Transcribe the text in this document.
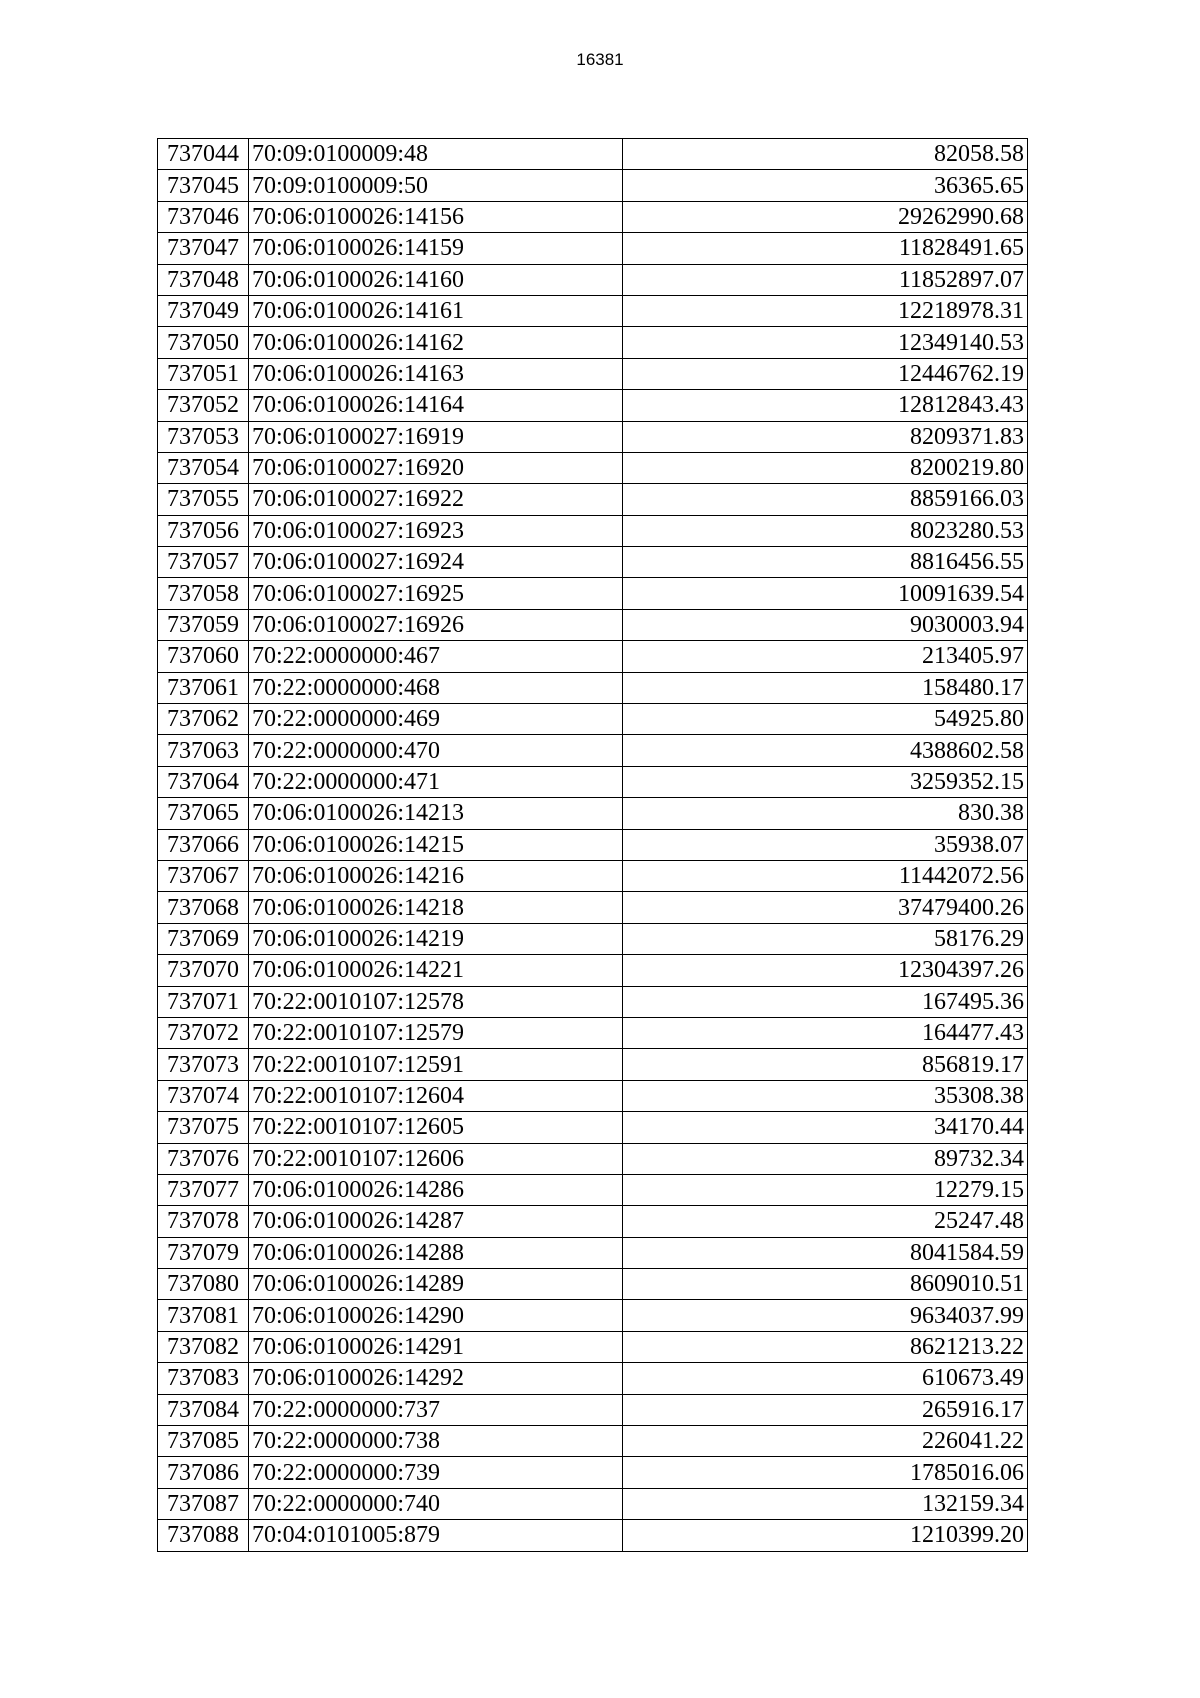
16381
737044	70:09:0100009:48	82058.58
737045	70:09:0100009:50	36365.65
737046	70:06:0100026:14156	29262990.68
737047	70:06:0100026:14159	11828491.65
737048	70:06:0100026:14160	11852897.07
737049	70:06:0100026:14161	12218978.31
737050	70:06:0100026:14162	12349140.53
737051	70:06:0100026:14163	12446762.19
737052	70:06:0100026:14164	12812843.43
737053	70:06:0100027:16919	8209371.83
737054	70:06:0100027:16920	8200219.80
737055	70:06:0100027:16922	8859166.03
737056	70:06:0100027:16923	8023280.53
737057	70:06:0100027:16924	8816456.55
737058	70:06:0100027:16925	10091639.54
737059	70:06:0100027:16926	9030003.94
737060	70:22:0000000:467	213405.97
737061	70:22:0000000:468	158480.17
737062	70:22:0000000:469	54925.80
737063	70:22:0000000:470	4388602.58
737064	70:22:0000000:471	3259352.15
737065	70:06:0100026:14213	830.38
737066	70:06:0100026:14215	35938.07
737067	70:06:0100026:14216	11442072.56
737068	70:06:0100026:14218	37479400.26
737069	70:06:0100026:14219	58176.29
737070	70:06:0100026:14221	12304397.26
737071	70:22:0010107:12578	167495.36
737072	70:22:0010107:12579	164477.43
737073	70:22:0010107:12591	856819.17
737074	70:22:0010107:12604	35308.38
737075	70:22:0010107:12605	34170.44
737076	70:22:0010107:12606	89732.34
737077	70:06:0100026:14286	12279.15
737078	70:06:0100026:14287	25247.48
737079	70:06:0100026:14288	8041584.59
737080	70:06:0100026:14289	8609010.51
737081	70:06:0100026:14290	9634037.99
737082	70:06:0100026:14291	8621213.22
737083	70:06:0100026:14292	610673.49
737084	70:22:0000000:737	265916.17
737085	70:22:0000000:738	226041.22
737086	70:22:0000000:739	1785016.06
737087	70:22:0000000:740	132159.34
737088	70:04:0101005:879	1210399.20
